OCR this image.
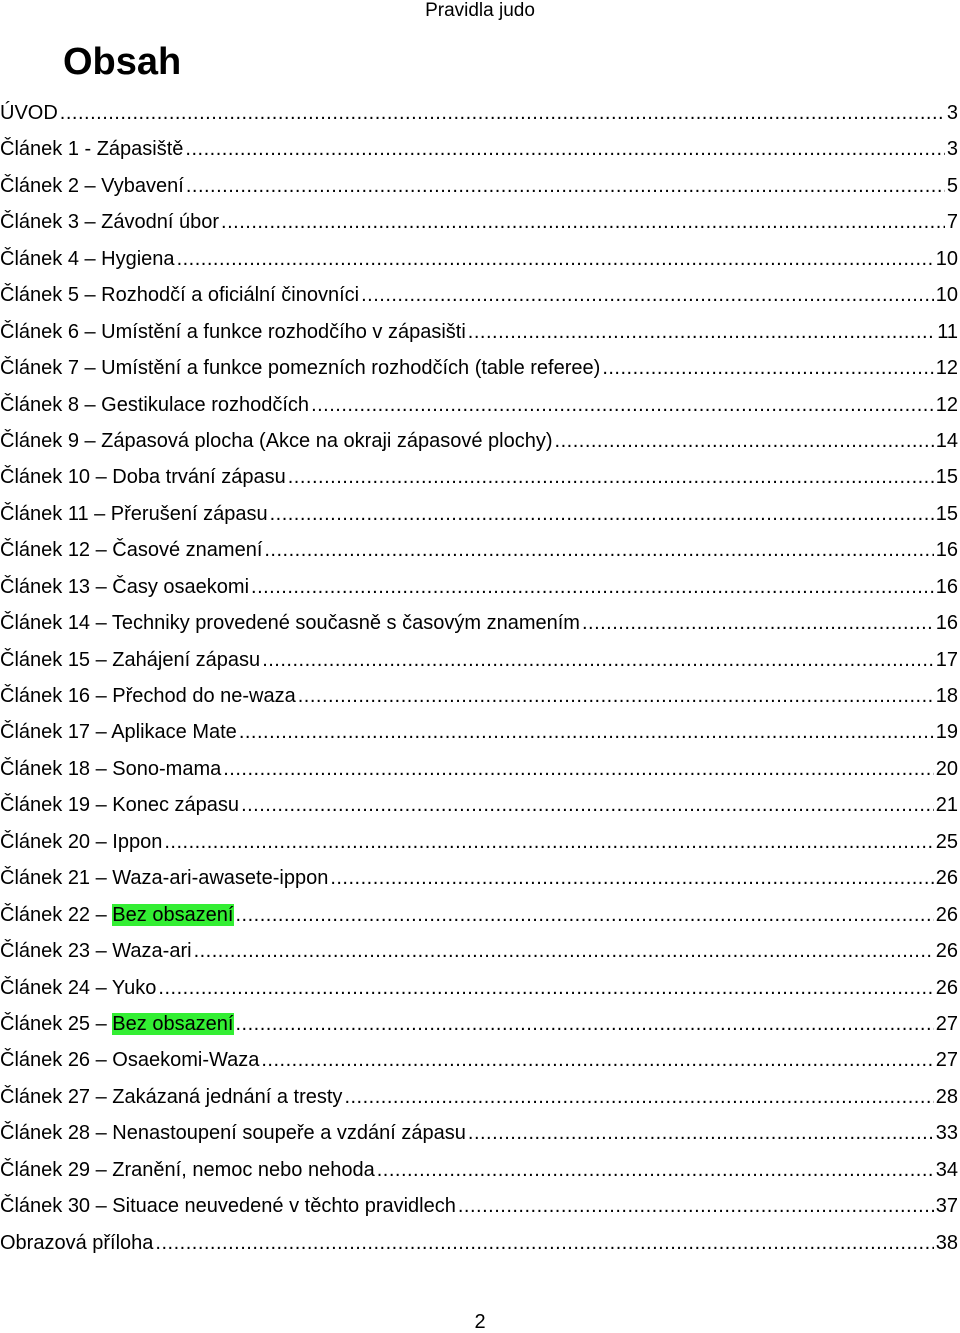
Pravidla judo
Obsah
ÚVOD .....	3
Článek 1 - Zápasiště .....	3
Článek 2 – Vybavení .....	5
Článek 3 – Závodní úbor .....	7
Článek 4 – Hygiena .....	10
Článek 5 – Rozhodčí a oficiální činovníci .....	10
Článek 6 – Umístění a funkce rozhodčího v zápasišti .....	11
Článek 7 – Umístění a funkce pomezních rozhodčích (table referee) .....	12
Článek 8 – Gestikulace rozhodčích .....	12
Článek 9 – Zápasová plocha (Akce na okraji zápasové plochy) .....	14
Článek 10 – Doba trvání zápasu .....	15
Článek 11 – Přerušení zápasu .....	15
Článek 12 – Časové znamení .....	16
Článek 13 – Časy osaekomi .....	16
Článek 14 – Techniky provedené současně s časovým znamením .....	16
Článek 15 – Zahájení zápasu .....	17
Článek 16 – Přechod do ne-waza .....	18
Článek 17 – Aplikace Mate .....	19
Článek 18 – Sono-mama .....	20
Článek 19 – Konec zápasu .....	21
Článek 20 – Ippon .....	25
Článek 21 – Waza-ari-awasete-ippon .....	26
Článek 22 – Bez obsazení .....	26
Článek 23 – Waza-ari .....	26
Článek 24 – Yuko .....	26
Článek 25 – Bez obsazení .....	27
Článek 26 – Osaekomi-Waza .....	27
Článek 27 – Zakázaná jednání a tresty .....	28
Článek 28 – Nenastoupení soupeře a vzdání zápasu .....	33
Článek 29 – Zranění, nemoc nebo nehoda .....	34
Článek 30 – Situace neuvedené v těchto pravidlech .....	37
Obrazová příloha .....	38
2
